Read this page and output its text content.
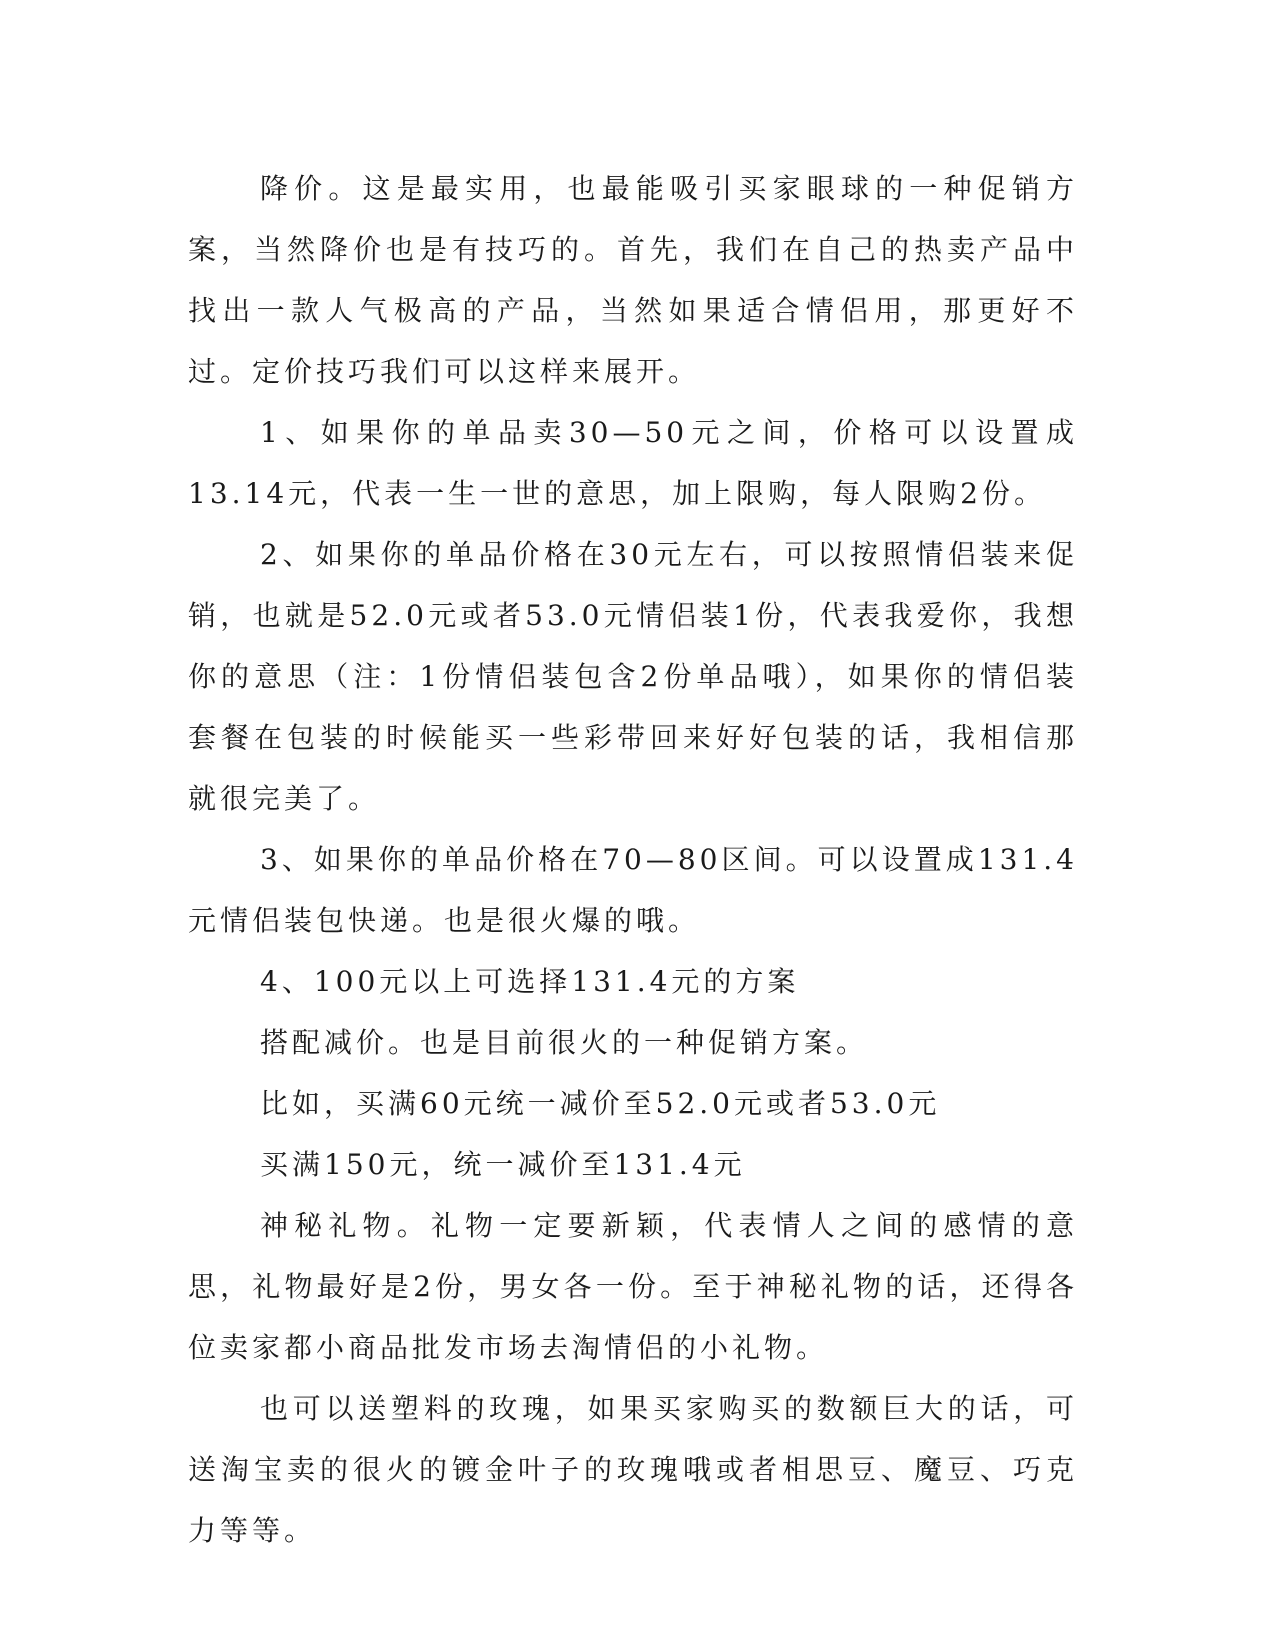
降价。这是最实用，也最能吸引买家眼球的一种促销方案，当然降价也是有技巧的。首先，我们在自己的热卖产品中找出一款人气极高的产品，当然如果适合情侣用，那更好不过。定价技巧我们可以这样来展开。

1、如果你的单品卖30—50元之间，价格可以设置成13.14元，代表一生一世的意思，加上限购，每人限购2份。

2、如果你的单品价格在30元左右，可以按照情侣装来促销，也就是52.0元或者53.0元情侣装1份，代表我爱你，我想你的意思（注：1份情侣装包含2份单品哦），如果你的情侣装套餐在包装的时候能买一些彩带回来好好包装的话，我相信那就很完美了。

3、如果你的单品价格在70—80区间。可以设置成131.4元情侣装包快递。也是很火爆的哦。

4、100元以上可选择131.4元的方案

搭配减价。也是目前很火的一种促销方案。

比如，买满60元统一减价至52.0元或者53.0元

买满150元，统一减价至131.4元

神秘礼物。礼物一定要新颖，代表情人之间的感情的意思，礼物最好是2份，男女各一份。至于神秘礼物的话，还得各位卖家都小商品批发市场去淘情侣的小礼物。

也可以送塑料的玫瑰，如果买家购买的数额巨大的话，可送淘宝卖的很火的镀金叶子的玫瑰哦或者相思豆、魔豆、巧克力等等。
